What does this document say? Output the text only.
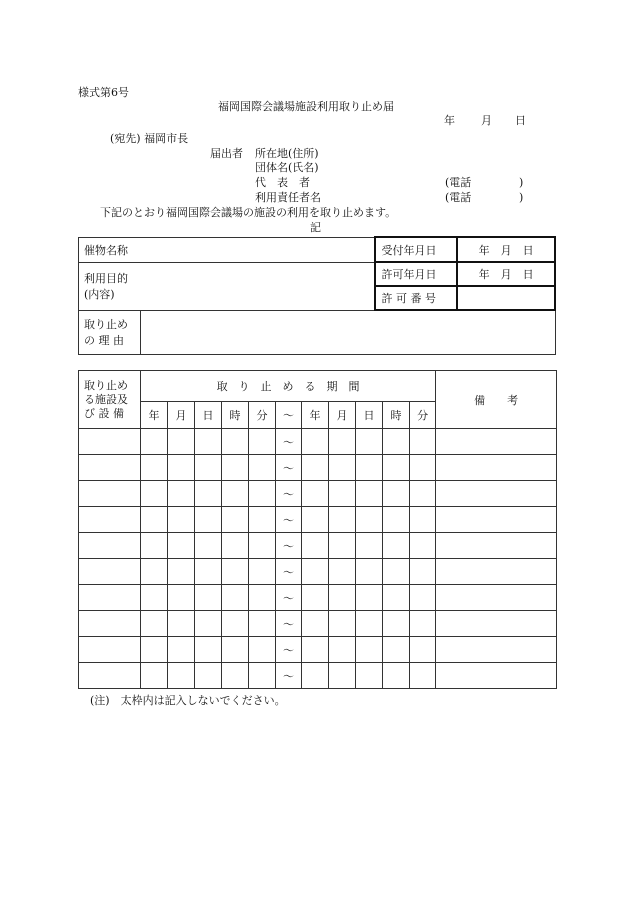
様式第6号
福岡国際会議場施設利用取り止め届
年 月 日
(宛先) 福岡市長
届出者 所在地(住所)
団体名(氏名)
代　表　者	(電話	)
利用責任者名	(電話	)
下記のとおり福岡国際会議場の施設の利用を取り止めます。
記
催物名称		受付年月日	年　月　日

利用目的
(内容)		許可年月日	年　月　日
		許 可 番 号	

取り止め
の 理 由			

取り止め
る施設及
び 設 備	取　り　止　め　る　期　間											備　　考
	年	月	日	時	分	～	年	月	日	時	分	
						～						
						～						
						～						
						～						
						～						
						～						
						～						
						～						
						～						
						～						
(注)　太枠内は記入しないでください。
